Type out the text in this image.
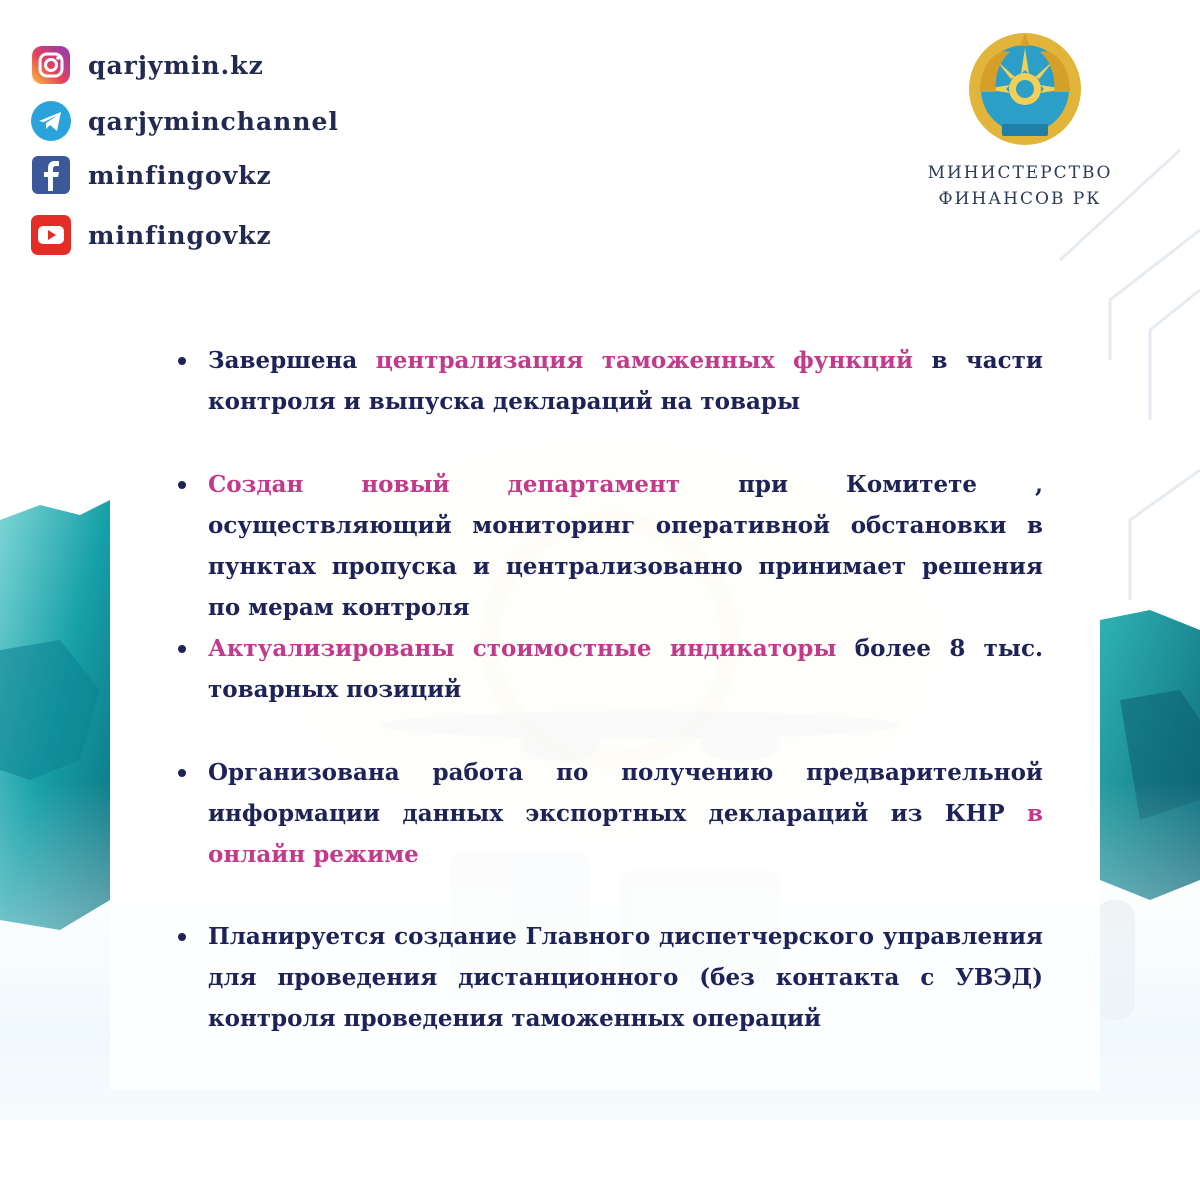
qarjymin.kz
qarjyminchannel
minfingovkz
minfingovkz
МИНИСТЕРСТВО
ФИНАНСОВ РК
Завершена централизация таможенных функций в части контроля и выпуска деклараций на товары
Создан новый департамент при Комитете , осуществляющий мониторинг оперативной обстановки в пунктах пропуска и централизованно принимает решения по мерам контроля
Актуализированы стоимостные индикаторы более 8 тыс. товарных позиций
Организована работа по получению предварительной информации данных экспортных деклараций из КНР в онлайн режиме
Планируется создание Главного диспетчерского управления для проведения дистанционного (без контакта с УВЭД) контроля проведения таможенных операций
